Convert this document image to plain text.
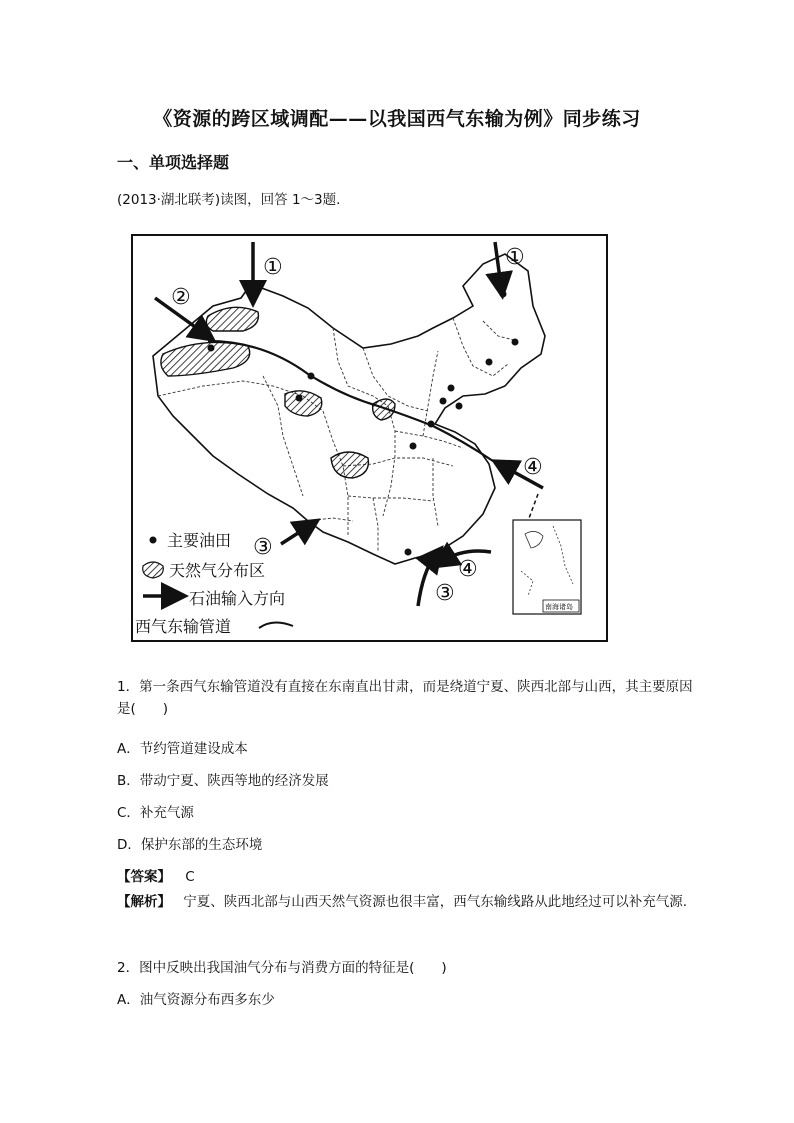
《资源的跨区域调配——以我国西气东输为例》同步练习
一、单项选择题
(2013·湖北联考)读图，回答 1～3题.
①
②
①
③
③
④
④
南海诸岛
主要油田
天然气分布区
石油输入方向
西气东输管道
1．第一条西气东输管道没有直接在东南直出甘肃，而是绕道宁夏、陕西北部与山西，其主要原因是(　　)
A．节约管道建设成本
B．带动宁夏、陕西等地的经济发展
C．补充气源
D．保护东部的生态环境
【答案】 C
【解析】 宁夏、陕西北部与山西天然气资源也很丰富，西气东输线路从此地经过可以补充气源.
2．图中反映出我国油气分布与消费方面的特征是(　　)
A．油气资源分布西多东少
